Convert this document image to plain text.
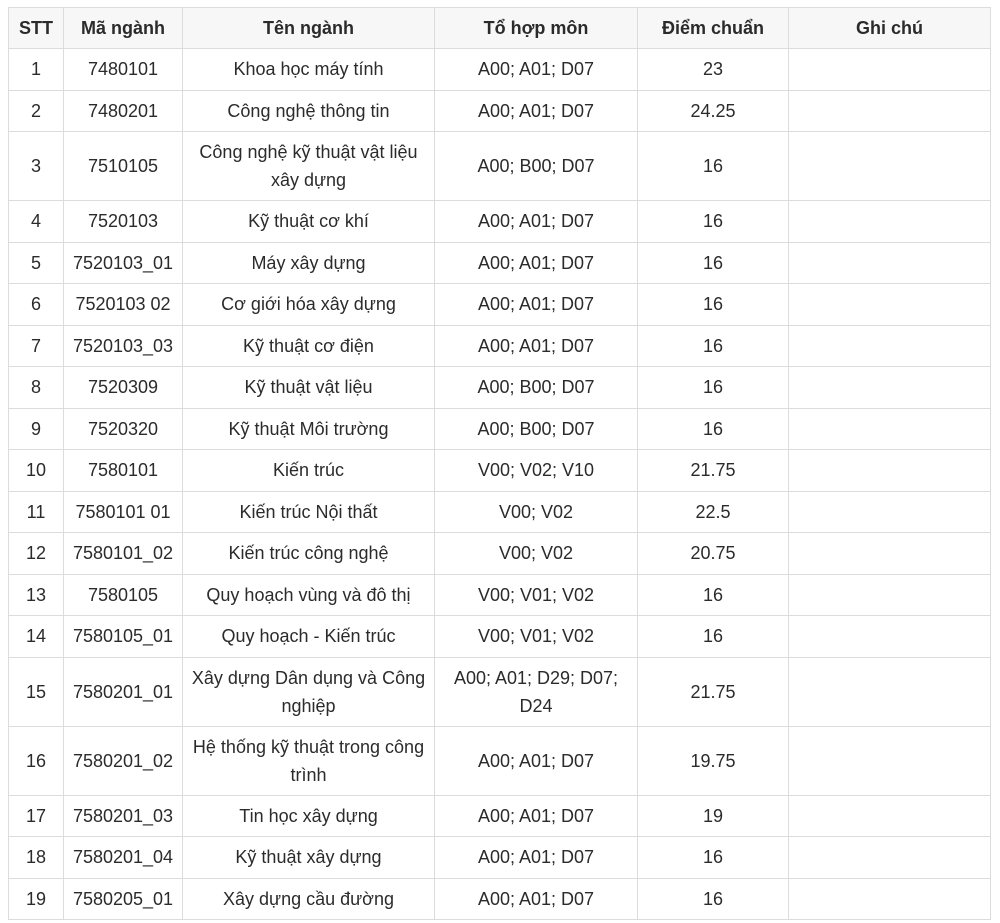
STT	Mã ngành	Tên ngành	Tổ hợp môn	Điểm chuẩn	Ghi chú
1	7480101	Khoa học máy tính	A00; A01; D07	23	
2	7480201	Công nghệ thông tin	A00; A01; D07	24.25	
3	7510105	Công nghệ kỹ thuật vật liệu xây dựng	A00; B00; D07	16	
4	7520103	Kỹ thuật cơ khí	A00; A01; D07	16	
5	7520103_01	Máy xây dựng	A00; A01; D07	16	
6	7520103 02	Cơ giới hóa xây dựng	A00; A01; D07	16	
7	7520103_03	Kỹ thuật cơ điện	A00; A01; D07	16	
8	7520309	Kỹ thuật vật liệu	A00; B00; D07	16	
9	7520320	Kỹ thuật Môi trường	A00; B00; D07	16	
10	7580101	Kiến trúc	V00; V02; V10	21.75	
11	7580101 01	Kiến trúc Nội thất	V00; V02	22.5	
12	7580101_02	Kiến trúc công nghệ	V00; V02	20.75	
13	7580105	Quy hoạch vùng và đô thị	V00; V01; V02	16	
14	7580105_01	Quy hoạch - Kiến trúc	V00; V01; V02	16	
15	7580201_01	Xây dựng Dân dụng và Công nghiệp	A00; A01; D29; D07; D24	21.75	
16	7580201_02	Hệ thống kỹ thuật trong công trình	A00; A01; D07	19.75	
17	7580201_03	Tin học xây dựng	A00; A01; D07	19	
18	7580201_04	Kỹ thuật xây dựng	A00; A01; D07	16	
19	7580205_01	Xây dựng cầu đường	A00; A01; D07	16	
